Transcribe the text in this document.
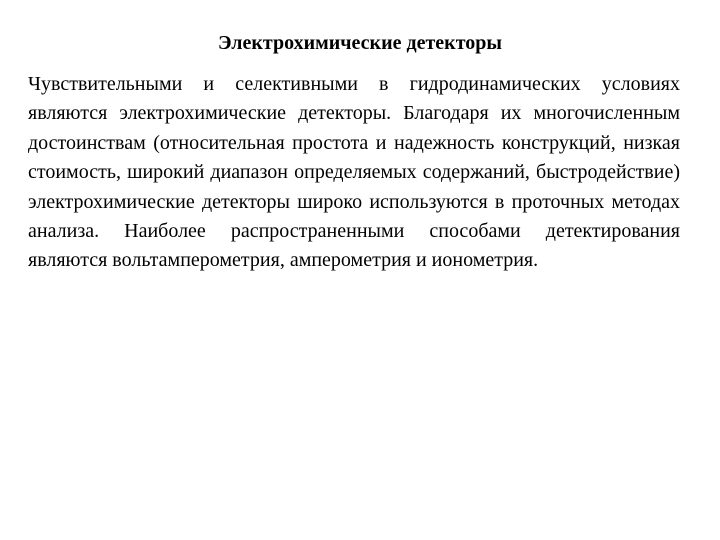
Электрохимические детекторы

Чувствительными и селективными в гидродинамических условиях являются электрохимические детекторы. Благодаря их многочисленным достоинствам (относительная простота и надежность конструкций, низкая стоимость, широкий диапазон определяемых содержаний, быстродействие) электрохимические детекторы широко используются в проточных методах анализа. Наиболее распространенными способами детектирования являются вольтамперометрия, амперометрия и ионометрия.
